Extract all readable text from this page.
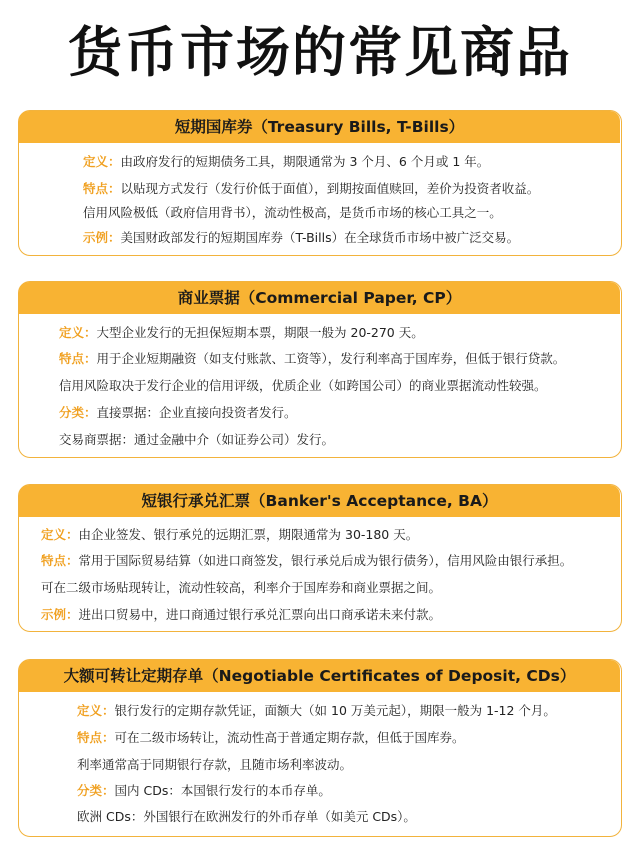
货币市场的常见商品
短期国库券（Treasury Bills, T-Bills）
定义：由政府发行的短期债务工具，期限通常为 3 个月、6 个月或 1 年。
特点：以贴现方式发行（发行价低于面值），到期按面值赎回，差价为投资者收益。
信用风险极低（政府信用背书），流动性极高，是货币市场的核心工具之一。
示例：美国财政部发行的短期国库券（T-Bills）在全球货币市场中被广泛交易。
商业票据（Commercial Paper, CP）
定义：大型企业发行的无担保短期本票，期限一般为 20-270 天。
特点：用于企业短期融资（如支付账款、工资等），发行利率高于国库券，但低于银行贷款。
信用风险取决于发行企业的信用评级，优质企业（如跨国公司）的商业票据流动性较强。
分类：直接票据：企业直接向投资者发行。
交易商票据：通过金融中介（如证券公司）发行。
短银行承兑汇票（Banker's Acceptance, BA）
定义：由企业签发、银行承兑的远期汇票，期限通常为 30-180 天。
特点：常用于国际贸易结算（如进口商签发，银行承兑后成为银行债务），信用风险由银行承担。
可在二级市场贴现转让，流动性较高，利率介于国库券和商业票据之间。
示例：进出口贸易中，进口商通过银行承兑汇票向出口商承诺未来付款。
大额可转让定期存单（Negotiable Certificates of Deposit, CDs）
定义：银行发行的定期存款凭证，面额大（如 10 万美元起），期限一般为 1-12 个月。
特点：可在二级市场转让，流动性高于普通定期存款，但低于国库券。
利率通常高于同期银行存款，且随市场利率波动。
分类：国内 CDs：本国银行发行的本币存单。
欧洲 CDs：外国银行在欧洲发行的外币存单（如美元 CDs）。
